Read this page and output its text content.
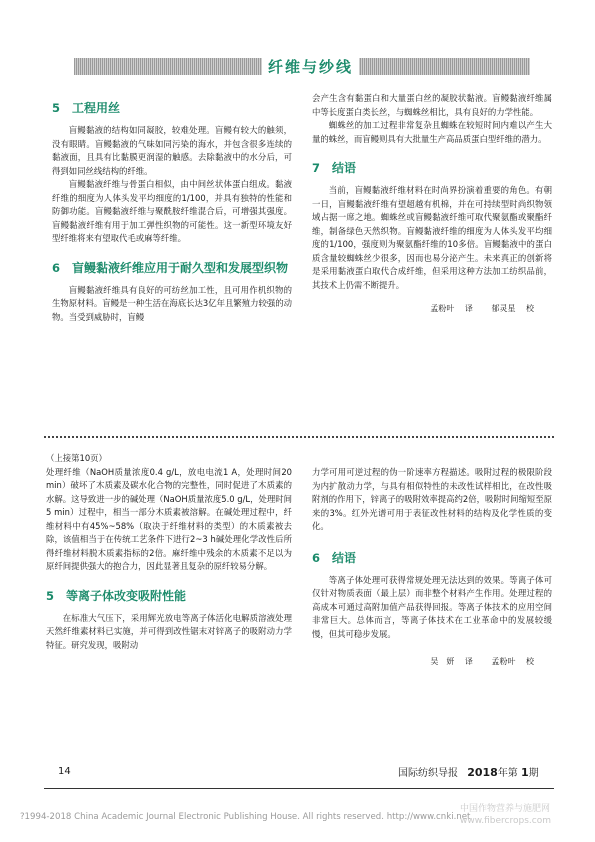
纤维与纱线
5 工程用丝

盲鳗黏液的结构如同凝胶，较难处理。盲鳗有较大的触须，没有眼睛。盲鳗黏液的气味如同污染的海水，并包含很多连续的黏液面，且具有比黏膜更润湿的触感。去除黏液中的水分后，可得到如同丝线结构的纤维。

盲鳗黏液纤维与骨蛋白相似，由中间丝状体蛋白组成。黏液纤维的细度为人体头发平均细度的1/100，并具有独特的性能和防御功能。盲鳗黏液纤维与聚酰胺纤维混合后，可增强其强度。盲鳗黏液纤维有用于加工弹性织物的可能性。这一新型环境友好型纤维将来有望取代毛或麻等纤维。

6 盲鳗黏液纤维应用于耐久型和发展型织物

盲鳗黏液纤维具有良好的可纺丝加工性，且可用作机织物的生物原材料。盲鳗是一种生活在海底长达3亿年且繁殖力较强的动物。当受到威胁时，盲鳗

会产生含有黏蛋白和大量蛋白丝的凝胶状黏液。盲鳗黏液纤维属中等长度蛋白类长丝，与蜘蛛丝相比，具有良好的力学性能。

蜘蛛丝的加工过程非常复杂且蜘蛛在较短时间内难以产生大量的蛛丝，而盲鳗则具有大批量生产高品质蛋白型纤维的潜力。

7 结语

当前，盲鳗黏液纤维材料在时尚界扮演着重要的角色。有朝一日，盲鳗黏液纤维有望超越有机棉，并在可持续型时尚织物领域占据一席之地。蜘蛛丝或盲鳗黏液纤维可取代聚氨酯或聚酯纤维，制备绿色天然织物。盲鳗黏液纤维的细度为人体头发平均细度的1/100，强度则为聚氨酯纤维的10多倍。盲鳗黏液中的蛋白质含量较蜘蛛丝少很多，因而也易分泌产生。未来真正的创新将是采用黏液蛋白取代合成纤维，但采用这种方法加工纺织品前，其技术上仍需不断提升。

孟粉叶 译　 郁灵星 校
（上接第10页）

处理纤维（NaOH质量浓度0.4 g/L，放电电流1 A，处理时间20 min）破坏了木质素及碳水化合物的完整性，同时促进了木质素的水解。这导致进一步的碱处理（NaOH质量浓度5.0 g/L，处理时间5 min）过程中，相当一部分木质素被溶解。在碱处理过程中，纤维材料中有45%~58%（取决于纤维材料的类型）的木质素被去除，该值相当于在传统工艺条件下进行2~3 h碱处理化学改性后所得纤维材料脱木质素指标的2倍。麻纤维中残余的木质素不足以为原纤间提供强大的抱合力，因此显著且复杂的原纤较易分解。

5 等离子体改变吸附性能

在标准大气压下，采用辉光放电等离子体活化电解质溶液处理天然纤维素材料已实施，并可得到改性锯末对锌离子的吸附动力学特征。研究发现，吸附动

力学可用可逆过程的伪一阶速率方程描述。吸附过程的极限阶段为内扩散动力学，与具有相似特性的未改性试样相比，在改性吸附剂的作用下，锌离子的吸附效率提高约2倍，吸附时间缩短至原来的3%。红外光谱可用于表征改性材料的结构及化学性质的变化。

6 结语

等离子体处理可获得常规处理无法达到的效果。等离子体可仅针对物质表面（最上层）而非整个材料产生作用。处理过程的高成本可通过高附加值产品获得回报。等离子体技术的应用空间非常巨大。总体而言，等离子体技术在工业革命中的发展较缓慢，但其可稳步发展。

吴　妍 译　 孟粉叶 校
14	国际纺织导报 2018年第 1期
?1994-2018 China Academic Journal Electronic Publishing House. All rights reserved. http://www.cnki.net
中国作物营养与施肥网
www.fibercrops.com
